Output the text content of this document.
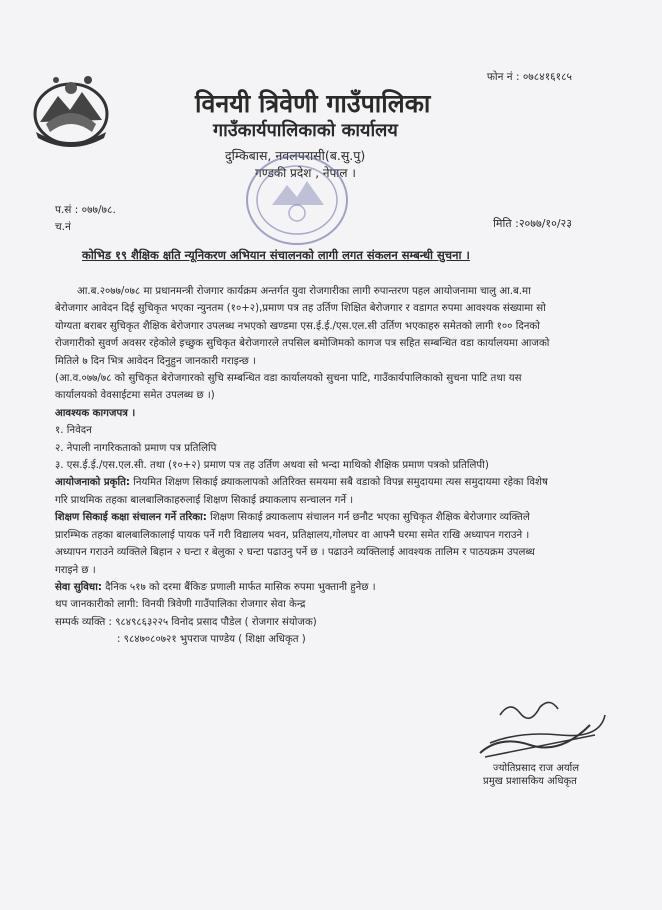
फोन नं : ०७८४१६१८५
विनयी त्रिवेणी गाउँपालिका
गाउँकार्यपालिकाको कार्यालय
दुम्किबास, नवलपरासी(ब.सु.पु)
गण्डकी प्रदेश , नेपाल ।
प.सं : ०७७/७८.
च.नं	मिति :२०७७/१०/२३
कोभिड १९ शैक्षिक क्षति न्यूनिकरण अभियान संचालनको लागी लगत संकलन सम्बन्धी सुचना ।

आ.ब.२०७७/०७८ मा प्रधानमन्त्री रोजगार कार्यक्रम अन्तर्गत युवा रोजगारीका लागी रुपान्तरण पहल आयोजनामा चालु आ.ब.मा बेरोजगार आवेदन दिई सुचिकृत भएका न्युनतम (१०+२),प्रमाण पत्र तह उर्तिण शिक्षित बेरोजगार र वडागत रुपमा आवश्यक संख्यामा सो योग्यता बराबर सुचिकृत शैक्षिक बेरोजगार उपलब्ध नभएको खण्डमा एस.ई.ई./एस.एल.सी उर्तिण भएकाहरु समेतको लागी १०० दिनको रोजगारीको सुवर्ण अवसर रहेकोले इच्छुक सुचिकृत बेरोजगारले तपसिल बमोजिमको कागज पत्र सहित सम्बन्धित वडा कार्यालयमा आजको मितिले ७ दिन भित्र आवेदन दिनुहुन जानकारी गराइन्छ ।

(आ.व.०७७/७८ को सुचिकृत बेरोजगारको सुचि सम्बन्धित वडा कार्यालयको सुचना पाटि, गाउँकार्यपालिकाको सुचना पाटि तथा यस कार्यालयको वेवसाईटमा समेत उपलब्ध छ ।)

आवश्यक कागजपत्र ।

१. निवेदन

२. नेपाली नागरिकताको प्रमाण पत्र प्रतिलिपि

३. एस.ई.ई./एस.एल.सी. तथा (१०+२) प्रमाण पत्र तह उर्तिण अथवा सो भन्दा माथिको शैक्षिक प्रमाण पत्रको प्रतिलिपी)

आयोजनाको प्रकृति: नियमित शिक्षण सिकाई क्र्याकलापको अतिरिक्त समयमा सबै वडाको विपन्न समुदायमा त्यस समुदायमा रहेका विशेष गरि प्राथमिक तहका बालबालिकाहरुलाई शिक्षण सिकाई क्र्याकलाप सन्चालन गर्ने ।

शिक्षण सिकाई कक्षा संचालन गर्ने तरिका: शिक्षण सिकाई क्र्याकलाप संचालन गर्न छनौट भएका सुचिकृत शैक्षिक बेरोजगार व्यक्तिले प्रारम्भिक तहका बालबालिकालाई पायक पर्ने गरी विद्यालय भवन, प्रतिक्षालय,गोलघर वा आफ्नै घरमा समेत राखि अध्यापन गराउने । अध्यापन गराउने व्यक्तिले बिहान २ घन्टा र बेलुका २ घन्टा पढाउनु पर्ने छ । पढाउने व्यक्तिलाई आवश्यक तालिम र पाठयक्रम उपलब्ध गराइने छ ।

सेवा सुविधा: दैनिक ५१७ को दरमा बैंकिङ प्रणाली मार्फत मासिक रुपमा भुक्तानी हुनेछ ।

थप जानकारीको लागी: विनयी त्रिवेणी गाउँपालिका रोजगार सेवा केन्द्र

सम्पर्क व्यक्ति : ९८४९८६३२२५ विनोद प्रसाद पौडेल ( रोजगार संयोजक)

: ९८४७०८०७२१ भुपराज पाण्डेय ( शिक्षा अधिकृत )

ज्योतिप्रसाद राज अर्याल
प्रमुख प्रशासकिय अधिकृत
